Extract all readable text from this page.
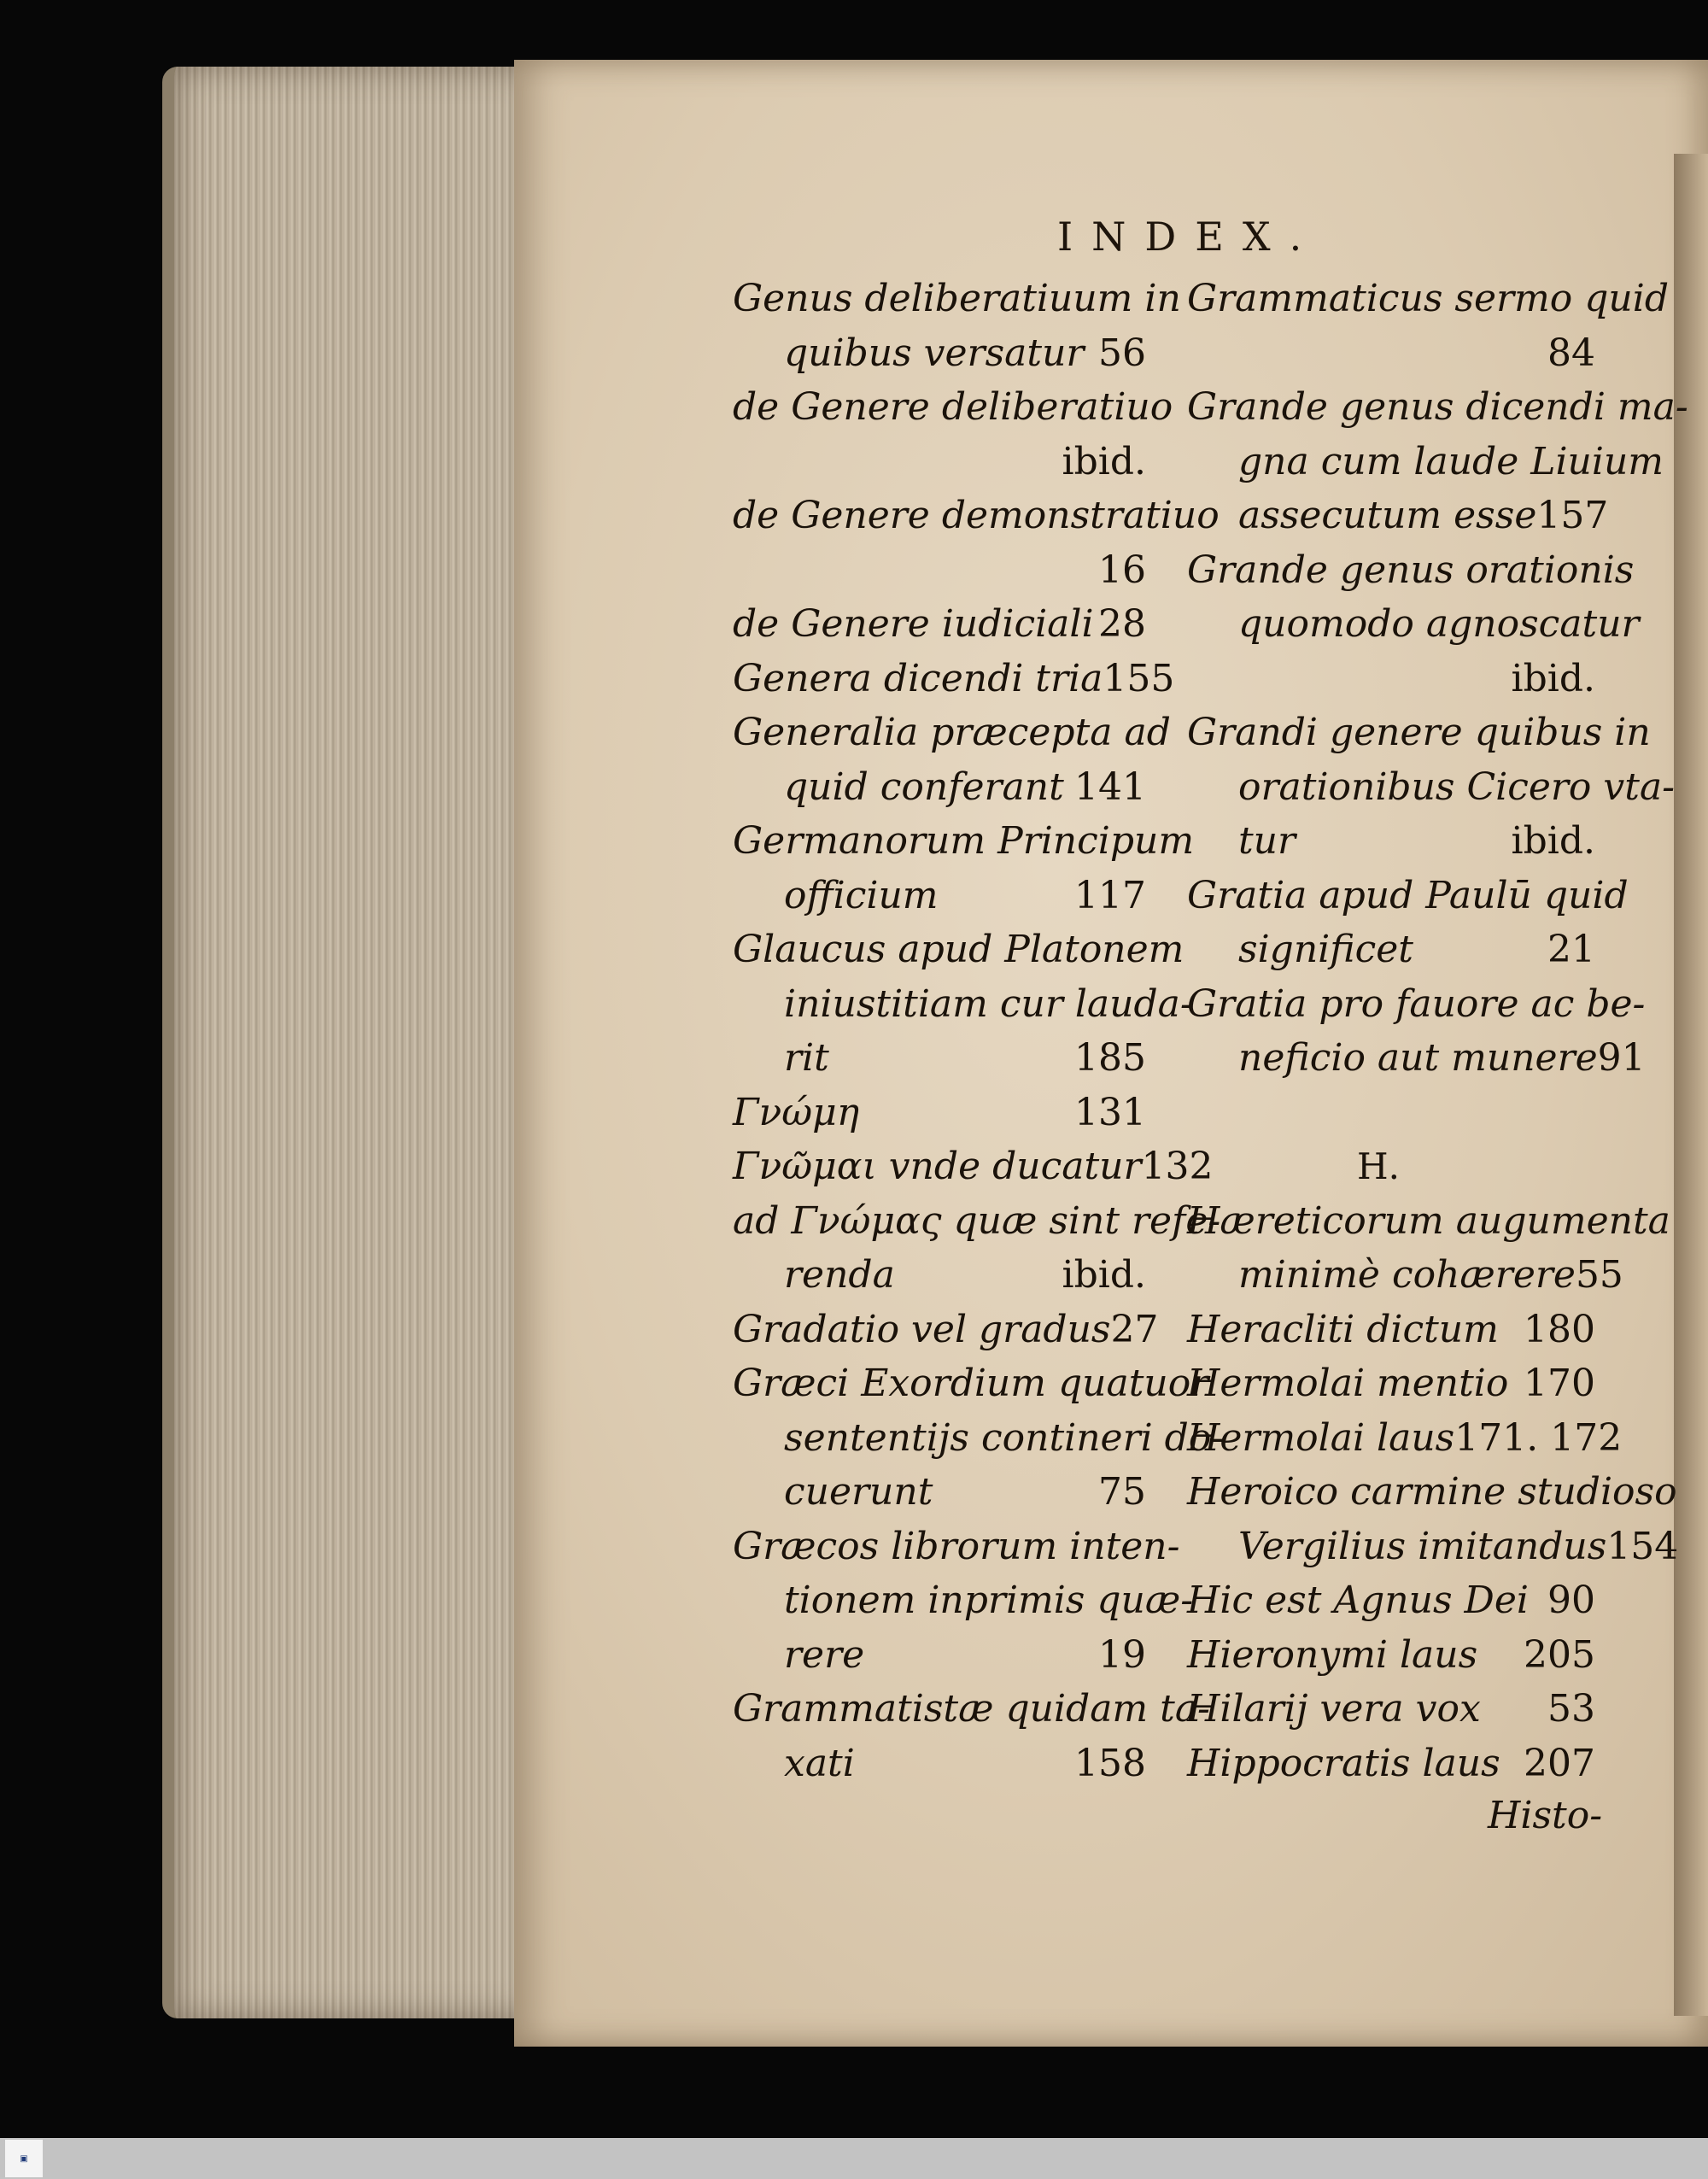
INDEX.
Genus deliberatiuum in
quibus versatur 56
de Genere deliberatiuo
ibid.
de Genere demonstratiuo
16
de Genere iudiciali 28
Genera dicendi tria 155
Generalia præcepta ad
quid conferant 141
Germanorum Principum
officium	117
Glaucus apud Platonem
iniustitiam cur lauda-
rit	185
Γνώμη	131
Γνῶμαι vnde ducatur 132
ad Γνώμας quæ sint refe-
renda	ibid.
Gradatio vel gradus 27
Græci Exordium quatuor
sententijs contineri do-
cuerunt	75
Græcos librorum inten-
tionem inprimis quæ-
rere	19
Grammatistæ quidam ta-
xati	158
Grammaticus sermo quid
84
Grande genus dicendi ma-
gna cum laude Liuium
assecutum esse 157
Grande genus orationis
quomodo agnoscatur
ibid.
Grandi genere quibus in
orationibus Cicero vta-
tur	ibid.
Gratia apud Paulū quid
significet	21
Gratia pro fauore ac be-
neficio aut munere 91
H.
Hæreticorum augumenta
minimè cohærere 55
Heracliti dictum 180
Hermolai mentio 170
Hermolai laus 171. 172
Heroico carmine studioso
Vergilius imitandus 154
Hic est Agnus Dei 90
Hieronymi laus 205
Hilarij vera vox 53
Hippocratis laus 207
Histo-
▣
